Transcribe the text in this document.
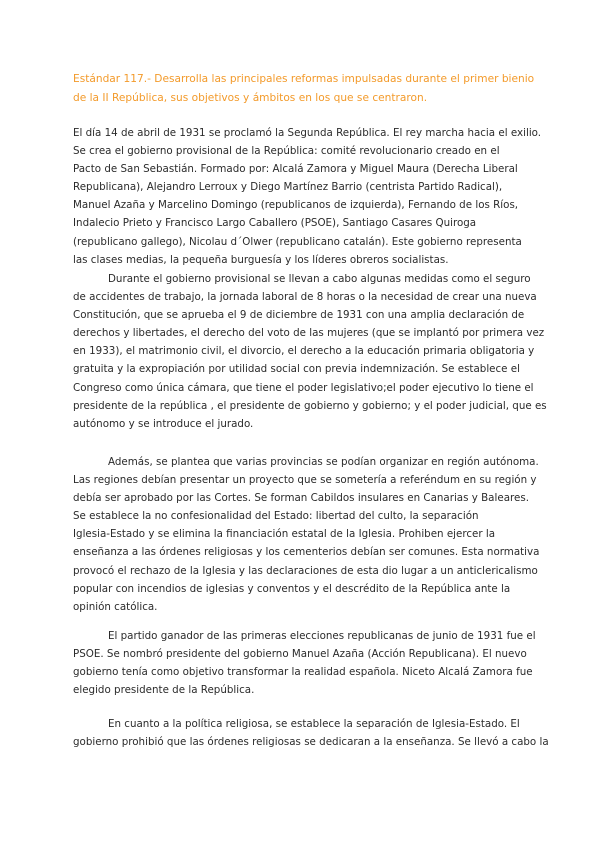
Estándar 117.- Desarrolla las principales reformas impulsadas durante el primer bienio
de la II República, sus objetivos y ámbitos en los que se centraron.

El día 14 de abril de 1931 se proclamó la Segunda República. El rey marcha hacia el exilio.
Se crea el gobierno provisional de la República: comité revolucionario creado en el
Pacto de San Sebastián. Formado por: Alcalá Zamora y Miguel Maura (Derecha Liberal
Republicana), Alejandro Lerroux y Diego Martínez Barrio (centrista Partido Radical),
Manuel Azaña y Marcelino Domingo (republicanos de izquierda), Fernando de los Ríos,
Indalecio Prieto y Francisco Largo Caballero (PSOE), Santiago Casares Quiroga
(republicano gallego), Nicolau d´Olwer (republicano catalán). Este gobierno representa
las clases medias, la pequeña burguesía y los líderes obreros socialistas.

Durante el gobierno provisional se llevan a cabo algunas medidas como el seguro
de accidentes de trabajo, la jornada laboral de 8 horas o la necesidad de crear una nueva
Constitución, que se aprueba el 9 de diciembre de 1931 con una amplia declaración de
derechos y libertades, el derecho del voto de las mujeres (que se implantó por primera vez
en 1933), el matrimonio civil, el divorcio, el derecho a la educación primaria obligatoria y
gratuita y la expropiación por utilidad social con previa indemnización. Se establece el
Congreso como única cámara, que tiene el poder legislativo;el poder ejecutivo lo tiene el
presidente de la república , el presidente de gobierno y gobierno; y el poder judicial, que es
autónomo y se introduce el jurado.

Además, se plantea que varias provincias se podían organizar en región autónoma.
Las regiones debían presentar un proyecto que se sometería a referéndum en su región y
debía ser aprobado por las Cortes. Se forman Cabildos insulares en Canarias y Baleares.
Se establece la no confesionalidad del Estado: libertad del culto, la separación
Iglesia-Estado y se elimina la financiación estatal de la Iglesia. Prohiben ejercer la
enseñanza a las órdenes religiosas y los cementerios debían ser comunes. Esta normativa
provocó el rechazo de la Iglesia y las declaraciones de esta dio lugar a un anticlericalismo
popular con incendios de iglesias y conventos y el descrédito de la República ante la
opinión católica.

El partido ganador de las primeras elecciones republicanas de junio de 1931 fue el
PSOE. Se nombró presidente del gobierno Manuel Azaña (Acción Republicana). El nuevo
gobierno tenía como objetivo transformar la realidad española. Niceto Alcalá Zamora fue
elegido presidente de la República.

En cuanto a la política religiosa, se establece la separación de Iglesia-Estado. El
gobierno prohibió que las órdenes religiosas se dedicaran a la enseñanza. Se llevó a cabo la
